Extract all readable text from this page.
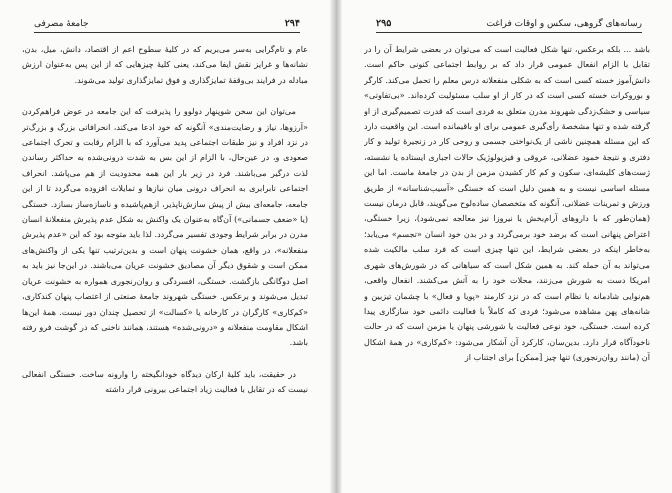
۲۹۴
جامعهٔ مصرفی

عام و تام‌گرایی به‌سر می‌بریم که در کلیهٔ سطوح اعم از اقتصاد، دانش، میل، بدن، نشانه‌ها و غرایز نقش ایفا می‌کند، یعنی کلیهٔ چیزهایی که از این پس به‌عنوان ارزش مبادله در فرایند بی‌وقفهٔ تمایزگذاری و فوق تمایزگذاری تولید می‌شوند.

می‌توان این سخن شوپنهار دولوو را پذیرفت که این جامعه در عوض فراهم‌کردن «آرزوها، نیاز و رضایت‌مندی» آنگونه که خود ادعا می‌کند، انحرافاتی بزرگ و بزرگ‌تر در نزد افراد و نیز طبقات اجتماعی پدید می‌آورد که با الزام رقابت و تحرک اجتماعی صعودی و، در عین‌حال، با الزام از این بس به شدت درونی‌شده به حداکثر رساندن لذت درگیر می‌باشند. فرد در زیر بار این همه محدودیت از هم می‌پاشد. انحراف اجتماعی نابرابری به انحراف درونی میان نیازها و تمایلات افزوده می‌گردد تا از این جامعه، جامعه‌ای بیش از پیش سازش‌ناپذیر، ازهم‌پاشیده و ناسازه‌ساز بسازد. خستگی (یا «ضعف جسمانی») آن‌گاه به‌عنوان یک واکنش به شکل عدم پذیرش منفعلانهٔ انسان مدرن در برابر شرایط وجودی تفسیر می‌گردد. لذا باید متوجه بود که این «عدم پذیرش منفعلانه»، در واقع، همان خشونت پنهان است و بدین‌ترتیب تنها یکی از واکنش‌های ممکن است و شقوق دیگر آن مصادیق خشونت عریان می‌باشند. در این‌جا نیز باید به اصل دوگانگی بازگشت. خستگی، افسردگی و روان‌رنجوری همواره به خشونت عریان تبدیل می‌شوند و برعکس. خستگی شهروند جامعهٔ صنعتی از اعتصاب پنهان کندکاری، «کم‌کاری» کارگران در کارخانه یا «کسالت» از تحصیل چندان دور نیست. همهٔ این‌ها اشکال مقاومت منفعلانه و «درونی‌شده» هستند، همانند ناخنی که در گوشت فرو رفته باشد.

در حقیقت، باید کلیهٔ ارکان دیدگاه خودانگیخته را وارونه ساخت. خستگی انفعالی نیست که در تقابل با فعالیت زیاد اجتماعی بیرونی قرار داشته

۲۹۵	رسانه‌های گروهی، سکس و اوقات فراغت

باشد ... بلکه برعکس، تنها شکل فعالیت است که می‌توان در بعضی شرایط آن را در تقابل با الزام انفعال عمومی قرار داد که بر روابط اجتماعی کنونی حاکم است. دانش‌آموز خسته کسی است که به شکلی منفعلانه درس معلم را تحمل می‌کند. کارگر و بوروکرات خسته کسی است که در کار از او سلب مسئولیت کرده‌اند. «بی‌تفاوتی» سیاسی و خشک‌زدگی شهروند مدرن متعلق به فردی است که قدرت تصمیم‌گیری از او گرفته شده و تنها مشخصهٔ رأی‌گیری عمومی برای او باقیمانده است. این واقعیت دارد که این مسئله همچنین ناشی از یک‌نواختی جسمی و روحی کار در زنجیرهٔ تولید و کار دفتری و نتیجهٔ خمود عضلانی، عروقی و فیزیولوژیک حالات اجباری ایستاده یا نشسته، ژست‌های کلیشه‌ای، سکون و کم کار کشیدن مزمن از بدن در جامعهٔ ماست. اما این مسئله اساسی نیست و به همین دلیل است که خستگی «آسیب‌شناسانه» از طریق ورزش و تمرینات عضلانی، آنگونه که متخصصان ساده‌لوح می‌گویند، قابل درمان نیست (همان‌طور که با داروهای آرام‌بخش یا نیروزا نیز معالجه نمی‌شود)، زیرا خستگی، اعتراض پنهانی است که برضد خود برمی‌گردد و در بدن خود انسان «تجسم» می‌یابد؛ به‌خاطر اینکه در بعضی شرایط، این تنها چیزی است که فرد سلب مالکیت شده می‌تواند به آن حمله کند. به همین شکل است که سیاهانی که در شورش‌های شهری امریکا دست به شورش می‌زنند، محلات خود را به آتش می‌کشند. انفعال واقعی، هم‌نوایی شادمانه با نظام است که در نزد کارمند «پویا و فعال» با چشمان تیزبین و شانه‌های پهن مشاهده می‌شود؛ فردی که کاملاً با فعالیت دائمی خود سازگاری پیدا کرده است. خستگی، خود نوعی فعالیت یا شورشی پنهان یا مزمن است که در حالت ناخودآگاه قرار دارد. بدین‌سان، کارکرد آن آشکار می‌شود: «کم‌کاری» در همهٔ اشکال آن (مانند روان‌رنجوری) تنها چیز [ممکن] برای اجتناب از
